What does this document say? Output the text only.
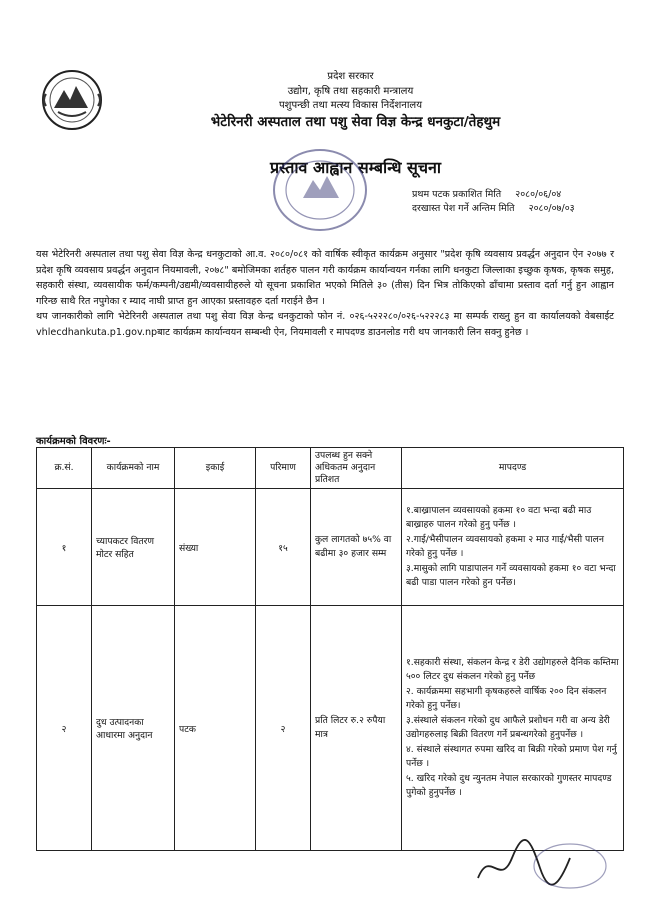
प्रदेश सरकार
उद्योग, कृषि तथा सहकारी मन्त्रालय
पशुपन्छी तथा मत्स्य विकास निर्देशनालय
भेटेरिनरी अस्पताल तथा पशु सेवा विज्ञ केन्द्र धनकुटा/तेहथुम
प्रस्ताव आह्वान सम्बन्धि सूचना
प्रथम पटक प्रकाशित मिति २०८०/०६/०४
दरखास्त पेश गर्ने अन्तिम मिति २०८०/०७/०३

यस भेटेरिनरी अस्पताल तथा पशु सेवा विज्ञ केन्द्र धनकुटाको आ.व. २०८०/०८१ को वार्षिक स्वीकृत कार्यक्रम अनुसार "प्रदेश कृषि व्यवसाय प्रवर्द्धन अनुदान ऐन २०७७ र प्रदेश कृषि व्यवसाय प्रवर्द्धन अनुदान नियमावली, २०७८" बमोजिमका शर्तहरु पालन गरी कार्यक्रम कार्यान्वयन गर्नका लागि धनकुटा जिल्लाका इच्छुक कृषक, कृषक समुह, सहकारी संस्था, व्यवसायीक फर्म/कम्पनी/उद्यमी/व्यवसायीहरुले यो सूचना प्रकाशित भएको मितिले ३० (तीस) दिन भित्र तोकिएको ढाँचामा प्रस्ताव दर्ता गर्नु हुन आह्वान गरिन्छ साथै रित नपुगेका र म्याद नाघी प्राप्त हुन आएका प्रस्तावहरु दर्ता गराईने छैन ।

थप जानकारीको लागि भेटेरिनरी अस्पताल तथा पशु सेवा विज्ञ केन्द्र धनकुटाको फोन नं. ०२६-५२२२८०/०२६-५२२२८३ मा सम्पर्क राख्नु हुन वा कार्यालयको वेबसाईट vhlecdhankuta.p1.gov.npबाट कार्यक्रम कार्यान्वयन सम्बन्धी ऐन, नियमावली र मापदण्ड डाउनलोड गरी थप जानकारी लिन सक्नु हुनेछ ।

कार्यक्रमको विवरणः-
क्र.सं.	कार्यक्रमको नाम	इकाई	परिमाण	उपलब्ध हुन सक्ने अधिकतम अनुदान प्रतिशत	मापदण्ड
१	च्यापकटर वितरण मोटर सहित	संख्या	१५	कुल लागतको ७५% वा बढीमा ३० हजार सम्म	१.बाख्रापालन व्यवसायको हकमा १० वटा भन्दा बढी माउ बाख्राहरु पालन गरेको हुनु पर्नेछ ।
२.गाई/भैसीपालन व्यवसायको हकमा २ माउ गाई/भैसी पालन गरेको हुनु पर्नेछ ।
३.मासुको लागि पाडापालन गर्ने व्यवसायको हकमा १० वटा भन्दा बढी पाडा पालन गरेको हुन पर्नेछ।

२	दुध उत्पादनका आधारमा अनुदान	पटक	२	प्रति लिटर रु.२ रुपैया मात्र	१.सहकारी संस्था, संकलन केन्द्र र डेरी उद्योगहरुले दैनिक कम्तिमा ५०० लिटर दुध संकलन गरेको हुनु पर्नेछ
२. कार्यक्रममा सहभागी कृषकहरुले वार्षिक २०० दिन संकलन गरेको हुनु पर्नेछ।
३.संस्थाले संकलन गरेको दुध आफैले प्रशोधन गरी वा अन्य डेरी उद्योगहरुलाइ बिक्री वितरण गर्ने प्रबन्धगरेको हुनुपर्नेछ ।
४. संस्थाले संस्थागत रुपमा खरिद वा बिक्री गरेको प्रमाण पेश गर्नु पर्नेछ ।
५. खरिद गरेको दुध न्युनतम नेपाल सरकारको गुणस्तर मापदण्ड पुगेको हुनुपर्नेछ ।
